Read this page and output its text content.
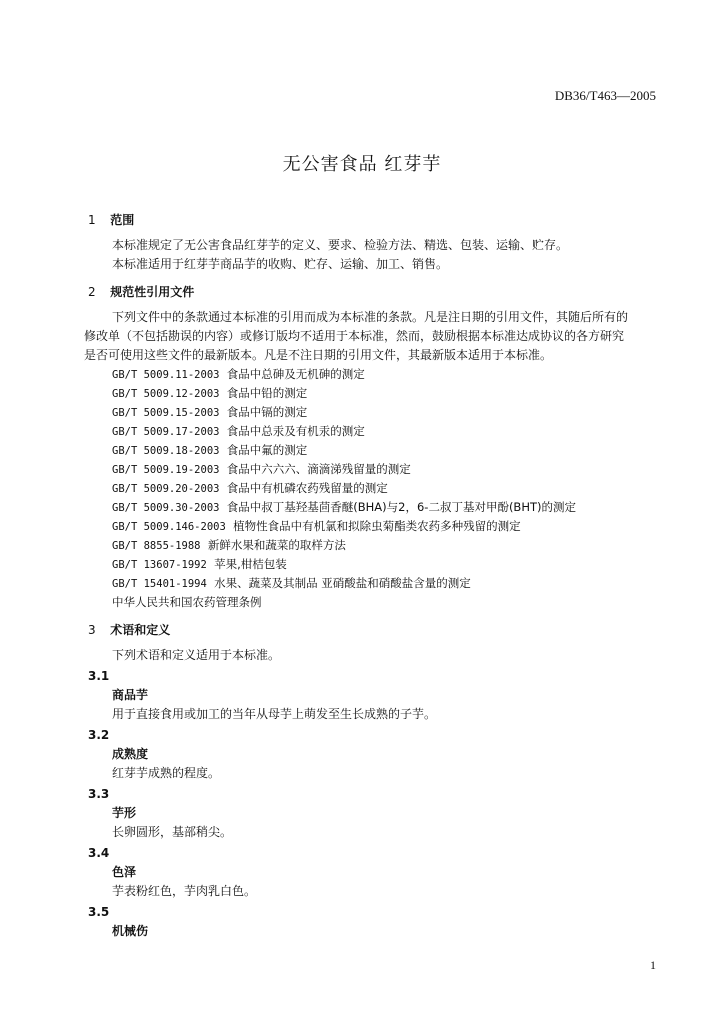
DB36/T463—2005
无公害食品 红芽芋
1 范围
本标准规定了无公害食品红芽芋的定义、要求、检验方法、精选、包装、运输、贮存。
本标准适用于红芽芋商品芋的收购、贮存、运输、加工、销售。
2 规范性引用文件
下列文件中的条款通过本标准的引用而成为本标准的条款。凡是注日期的引用文件，其随后所有的
修改单（不包括勘误的内容）或修订版均不适用于本标准，然而，鼓励根据本标准达成协议的各方研究
是否可使用这些文件的最新版本。凡是不注日期的引用文件，其最新版本适用于本标准。
GB/T 5009.11-2003 食品中总砷及无机砷的测定
GB/T 5009.12-2003 食品中铅的测定
GB/T 5009.15-2003 食品中镉的测定
GB/T 5009.17-2003 食品中总汞及有机汞的测定
GB/T 5009.18-2003 食品中氟的测定
GB/T 5009.19-2003 食品中六六六、滴滴涕残留量的测定
GB/T 5009.20-2003 食品中有机磷农药残留量的测定
GB/T 5009.30-2003 食品中叔丁基羟基茴香醚(BHA)与2，6-二叔丁基对甲酚(BHT)的测定
GB/T 5009.146-2003 植物性食品中有机氯和拟除虫菊酯类农药多种残留的测定
GB/T 8855-1988 新鲜水果和蔬菜的取样方法
GB/T 13607-1992 苹果,柑桔包装
GB/T 15401-1994 水果、蔬菜及其制品 亚硝酸盐和硝酸盐含量的测定
中华人民共和国农药管理条例
3 术语和定义
下列术语和定义适用于本标准。
3.1
商品芋
用于直接食用或加工的当年从母芋上萌发至生长成熟的子芋。
3.2
成熟度
红芽芋成熟的程度。
3.3
芋形
长卵圆形，基部稍尖。
3.4
色泽
芋表粉红色，芋肉乳白色。
3.5
机械伤
1
